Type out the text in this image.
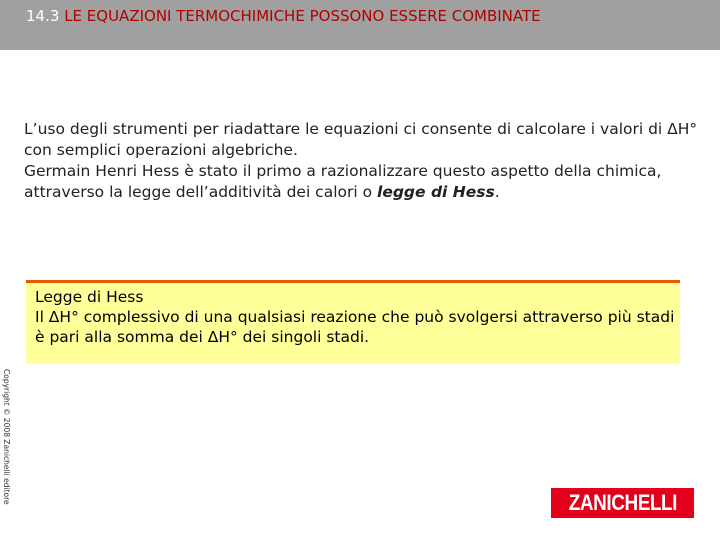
14.3 LE EQUAZIONI TERMOCHIMICHE POSSONO ESSERE COMBINATE

L’uso degli strumenti per riadattare le equazioni ci consente di calcolare i valori di ΔH° con semplici operazioni algebriche.

Germain Henri Hess è stato il primo a razionalizzare questo aspetto della chimica, attraverso la legge dell’additività dei calori o legge di Hess.

Legge di Hess
Il ΔH° complessivo di una qualsiasi reazione che può svolgersi attraverso più stadi è pari alla somma dei ΔH° dei singoli stadi.
Copyright © 2008 Zanichelli editore	ZANICHELLI
